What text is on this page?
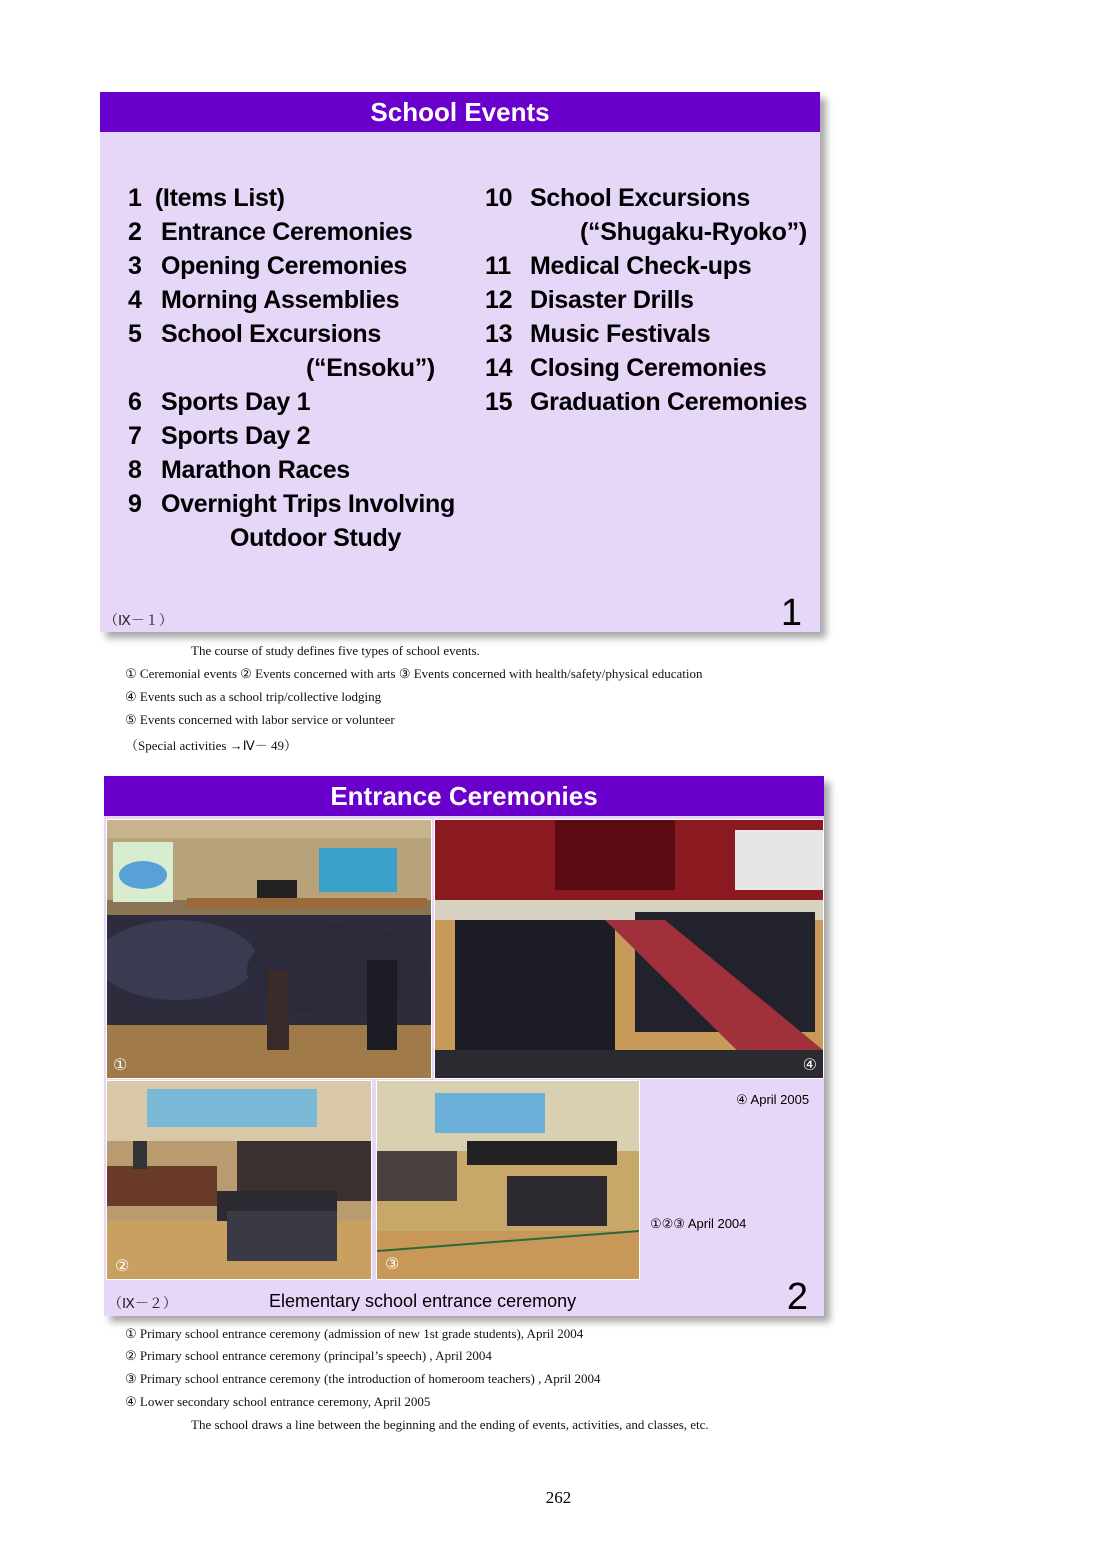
School Events
1 (Items List)
2 Entrance Ceremonies
3 Opening Ceremonies
4 Morning Assemblies
5 School Excursions
(“Ensoku”)
6 Sports Day 1
7 Sports Day 2
8 Marathon Races
9 Overnight Trips Involving
Outdoor Study
10 School Excursions
(“Shugaku-Ryoko”)
11 Medical Check-ups
12 Disaster Drills
13 Music Festivals
14 Closing Ceremonies
15 Graduation Ceremonies
（Ⅸ－１）	1
The course of study defines five types of school events.
① Ceremonial events ② Events concerned with arts ③ Events concerned with health/safety/physical education
④ Events such as a school trip/collective lodging
⑤ Events concerned with labor service or volunteer
（Special activities →Ⅳ－ 49）
Entrance Ceremonies
①	④
②	③
④ April 2005
①②③ April 2004
（Ⅸ－２）	Elementary school entrance ceremony	2
① Primary school entrance ceremony (admission of new 1st grade students), April 2004
② Primary school entrance ceremony (principal’s speech) , April 2004
③ Primary school entrance ceremony (the introduction of homeroom teachers) , April 2004
④ Lower secondary school entrance ceremony, April 2005
The school draws a line between the beginning and the ending of events, activities, and classes, etc.
262
